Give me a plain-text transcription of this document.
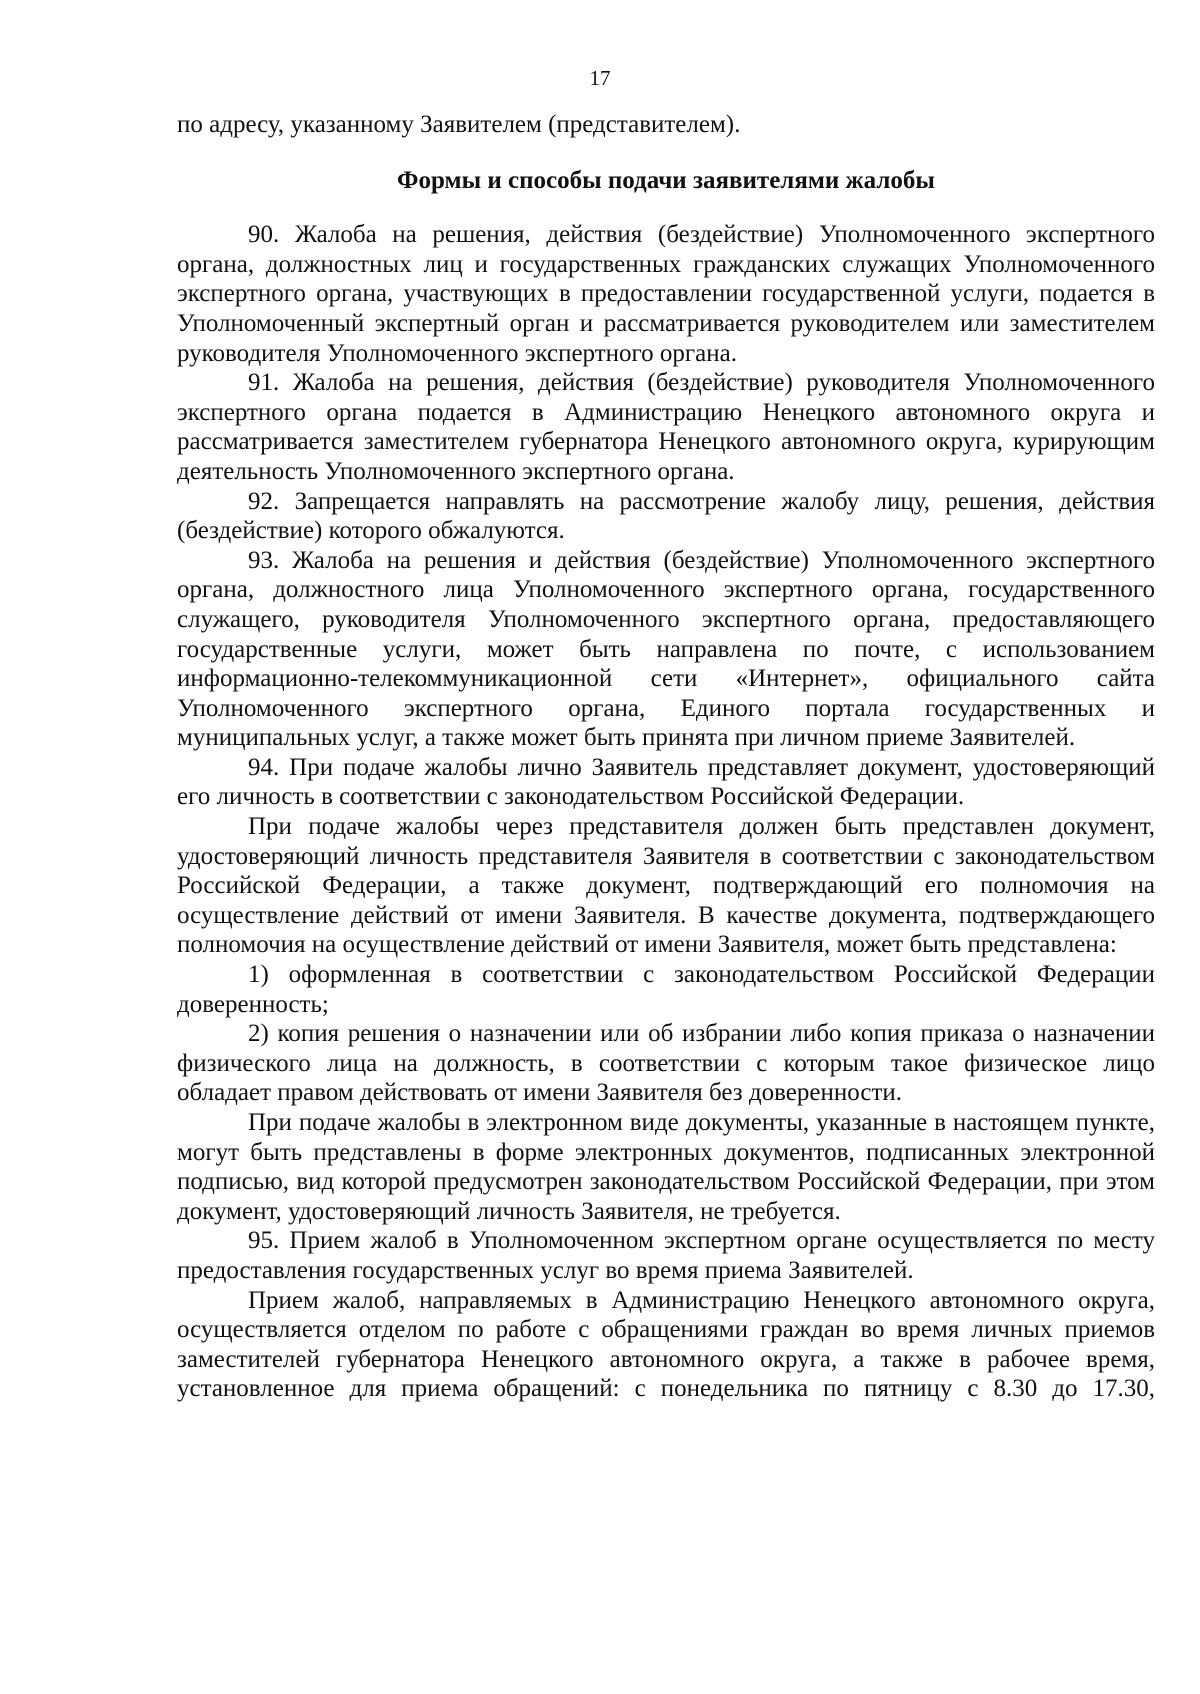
17

по адресу, указанному Заявителем (представителем).

Формы и способы подачи заявителями жалобы

90. Жалоба на решения, действия (бездействие) Уполномоченного экспертного органа, должностных лиц и государственных гражданских служащих Уполномоченного экспертного органа, участвующих в предоставлении государственной услуги, подается в Уполномоченный экспертный орган и рассматривается руководителем или заместителем руководителя Уполномоченного экспертного органа.

91. Жалоба на решения, действия (бездействие) руководителя Уполномоченного экспертного органа подается в Администрацию Ненецкого автономного округа и рассматривается заместителем губернатора Ненецкого автономного округа, курирующим деятельность Уполномоченного экспертного органа.

92. Запрещается направлять на рассмотрение жалобу лицу, решения, действия (бездействие) которого обжалуются.

93. Жалоба на решения и действия (бездействие) Уполномоченного экспертного органа, должностного лица Уполномоченного экспертного органа, государственного служащего, руководителя Уполномоченного экспертного органа, предоставляющего государственные услуги, может быть направлена по почте, с использованием информационно-телекоммуникационной сети «Интернет», официального сайта Уполномоченного экспертного органа, Единого портала государственных и муниципальных услуг, а также может быть принята при личном приеме Заявителей.

94. При подаче жалобы лично Заявитель представляет документ, удостоверяющий его личность в соответствии с законодательством Российской Федерации.

При подаче жалобы через представителя должен быть представлен документ, удостоверяющий личность представителя Заявителя в соответствии с законодательством Российской Федерации, а также документ, подтверждающий его полномочия на осуществление действий от имени Заявителя. В качестве документа, подтверждающего полномочия на осуществление действий от имени Заявителя, может быть представлена:

1) оформленная в соответствии с законодательством Российской Федерации доверенность;

2) копия решения о назначении или об избрании либо копия приказа о назначении физического лица на должность, в соответствии с которым такое физическое лицо обладает правом действовать от имени Заявителя без доверенности.

При подаче жалобы в электронном виде документы, указанные в настоящем пункте, могут быть представлены в форме электронных документов, подписанных электронной подписью, вид которой предусмотрен законодательством Российской Федерации, при этом документ, удостоверяющий личность Заявителя, не требуется.

95. Прием жалоб в Уполномоченном экспертном органе осуществляется по месту предоставления государственных услуг во время приема Заявителей.

Прием жалоб, направляемых в Администрацию Ненецкого автономного округа, осуществляется отделом по работе с обращениями граждан во время личных приемов заместителей губернатора Ненецкого автономного округа, а также в рабочее время, установленное для приема обращений: с понедельника по пятницу с 8.30 до 17.30,
